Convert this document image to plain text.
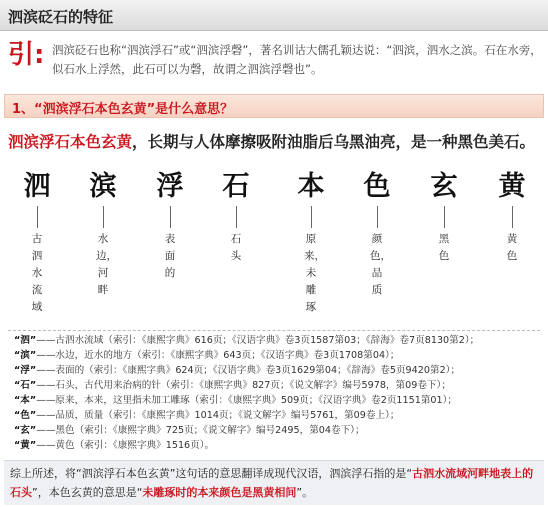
泗滨砭石的特征
引: 泗滨砭石也称“泗滨浮石”或“泗滨浮磬”，著名训诂大儒孔颖达说：“泗滨，泗水之滨。石在水旁，似石水上浮然，此石可以为磬，故谓之泗滨浮磬也”。
1、“泗滨浮石本色玄黄”是什么意思？
泗滨浮石本色玄黄，长期与人体摩擦吸附油脂后乌黑油亮，是一种黑色美石。
泗
古泗水流域
滨
水边，河畔
浮
表面的
石
石头
本
原来，未雕琢
色
颜色，品质
玄
黑色
黄
黄色
“泗”——古泗水流域（索引：《康熙字典》616页；《汉语字典》卷3页1587第03；《辞海》卷7页8130第2）；
“滨”——水边，近水的地方（索引：《康熙字典》643页；《汉语字典》卷3页1708第04）；
“浮”——表面的（索引：《康熙字典》624页；《汉语字典》卷3页1629第04；《辞海》卷5页9420第2）；
“石”——石头，古代用来治病的针（索引：《康熙字典》827页；《说文解字》编号5978，第09卷下）；
“本”——原来，本来，这里指未加工雕琢（索引：《康熙字典》509页；《汉语字典》卷2页1151第01）；
“色”——品质，质量（索引：《康熙字典》1014页；《说文解字》编号5761，第09卷上）；
“玄”——黑色（索引：《康熙字典》725页；《说文解字》编号2495，第04卷下）；
“黄”——黄色（索引：《康熙字典》1516页）。
综上所述，将“泗滨浮石本色玄黄”这句话的意思翻译成现代汉语，泗滨浮石指的是“古泗水流域河畔地表上的石头”，本色玄黄的意思是“未雕琢时的本来颜色是黑黄相间”。
